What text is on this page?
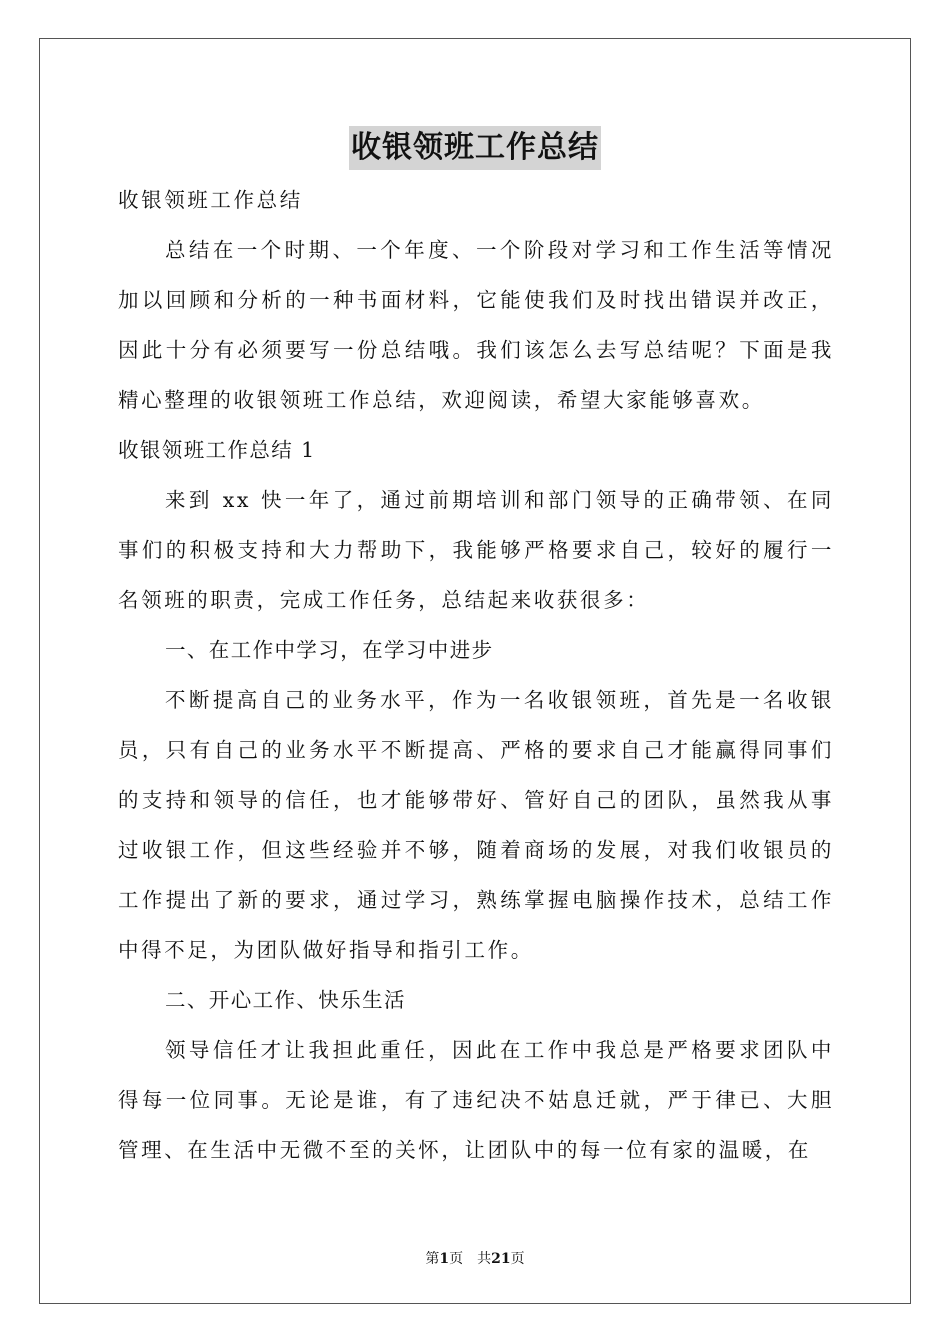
收银领班工作总结

收银领班工作总结

总结在一个时期、一个年度、一个阶段对学习和工作生活等情况加以回顾和分析的一种书面材料，它能使我们及时找出错误并改正，因此十分有必须要写一份总结哦。我们该怎么去写总结呢？下面是我精心整理的收银领班工作总结，欢迎阅读，希望大家能够喜欢。

收银领班工作总结 1

来到 xx 快一年了，通过前期培训和部门领导的正确带领、在同事们的积极支持和大力帮助下，我能够严格要求自己，较好的履行一名领班的职责，完成工作任务，总结起来收获很多：

一、在工作中学习，在学习中进步

不断提高自己的业务水平，作为一名收银领班，首先是一名收银员，只有自己的业务水平不断提高、严格的要求自己才能赢得同事们的支持和领导的信任，也才能够带好、管好自己的团队，虽然我从事过收银工作，但这些经验并不够，随着商场的发展，对我们收银员的工作提出了新的要求，通过学习，熟练掌握电脑操作技术，总结工作中得不足，为团队做好指导和指引工作。

二、开心工作、快乐生活

领导信任才让我担此重任，因此在工作中我总是严格要求团队中得每一位同事。无论是谁，有了违纪决不姑息迁就，严于律已、大胆管理、在生活中无微不至的关怀，让团队中的每一位有家的温暖，在

第1页 共21页
